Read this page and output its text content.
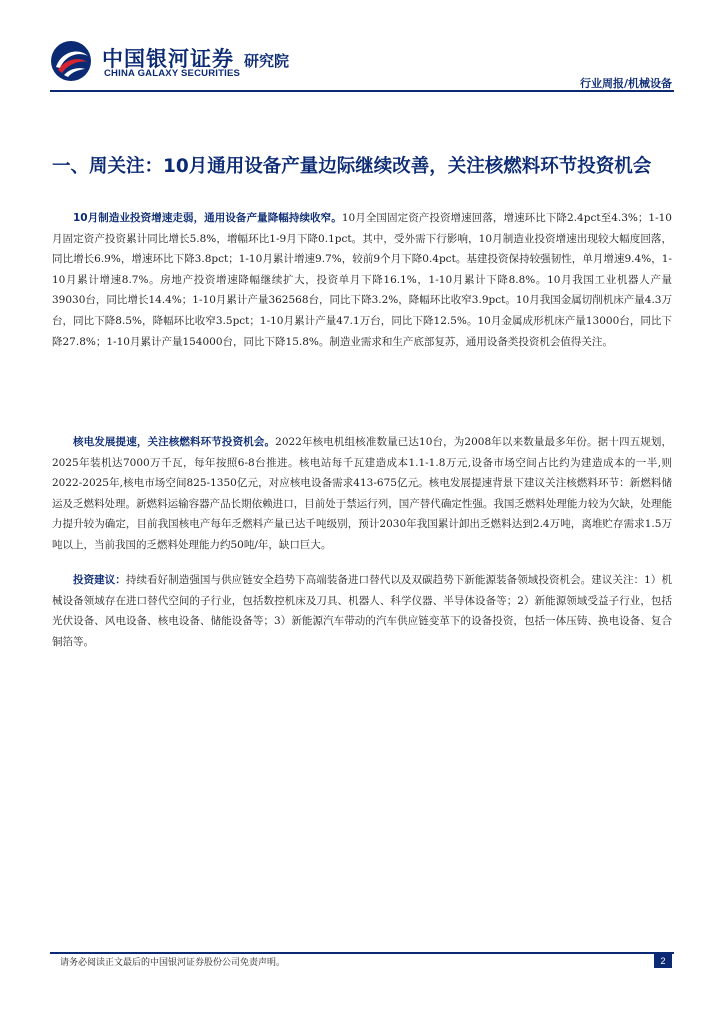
中国银河证券
CHINA GALAXY SECURITIES
研究院
行业周报/机械设备
一、周关注：10月通用设备产量边际继续改善，关注核燃料环节投资机会

10月制造业投资增速走弱，通用设备产量降幅持续收窄。10月全国固定资产投资增速回落，增速环比下降2.4pct至4.3%；1-10月固定资产投资累计同比增长5.8%，增幅环比1-9月下降0.1pct。其中，受外需下行影响，10月制造业投资增速出现较大幅度回落，同比增长6.9%，增速环比下降3.8pct；1-10月累计增速9.7%，较前9个月下降0.4pct。基建投资保持较强韧性，单月增速9.4%，1-10月累计增速8.7%。房地产投资增速降幅继续扩大，投资单月下降16.1%，1-10月累计下降8.8%。10月我国工业机器人产量39030台，同比增长14.4%；1-10月累计产量362568台，同比下降3.2%，降幅环比收窄3.9pct。10月我国金属切削机床产量4.3万台，同比下降8.5%，降幅环比收窄3.5pct；1-10月累计产量47.1万台，同比下降12.5%。10月金属成形机床产量13000台，同比下降27.8%；1-10月累计产量154000台，同比下降15.8%。制造业需求和生产底部复苏，通用设备类投资机会值得关注。

核电发展提速，关注核燃料环节投资机会。2022年核电机组核准数量已达10台，为2008年以来数量最多年份。据十四五规划，2025年装机达7000万千瓦，每年按照6-8台推进。核电站每千瓦建造成本1.1-1.8万元,设备市场空间占比约为建造成本的一半,则2022-2025年,核电市场空间825-1350亿元，对应核电设备需求413-675亿元。核电发展提速背景下建议关注核燃料环节：新燃料储运及乏燃料处理。新燃料运输容器产品长期依赖进口，目前处于禁运行列，国产替代确定性强。我国乏燃料处理能力较为欠缺，处理能力提升较为确定，目前我国核电产每年乏燃料产量已达千吨级别，预计2030年我国累计卸出乏燃料达到2.4万吨，离堆贮存需求1.5万吨以上，当前我国的乏燃料处理能力约50吨/年，缺口巨大。

投资建议：持续看好制造强国与供应链安全趋势下高端装备进口替代以及双碳趋势下新能源装备领域投资机会。建议关注：1）机械设备领域存在进口替代空间的子行业，包括数控机床及刀具、机器人、科学仪器、半导体设备等；2）新能源领域受益子行业，包括光伏设备、风电设备、核电设备、储能设备等；3）新能源汽车带动的汽车供应链变革下的设备投资，包括一体压铸、换电设备、复合铜箔等。

请务必阅读正文最后的中国银河证券股份公司免责声明。	2
